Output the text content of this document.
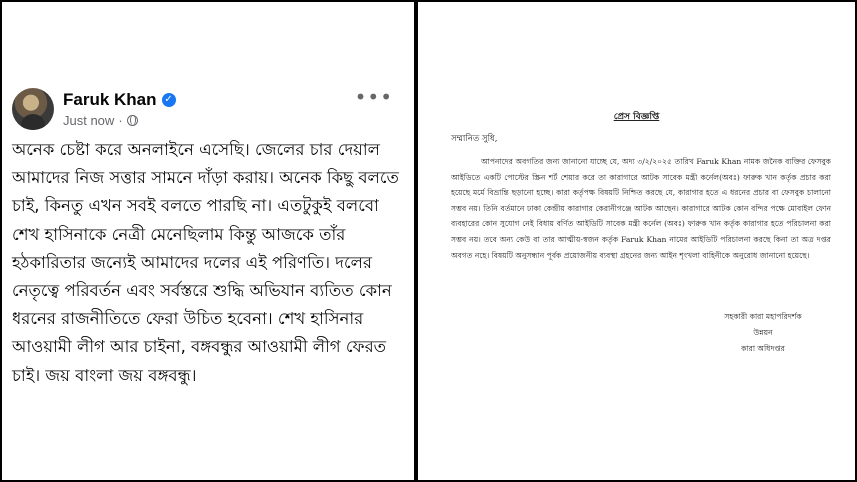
Faruk Khan ✓
Just now ·
•••

অনেক চেষ্টা করে অনলাইনে এসেছি। জেলের চার দেয়াল আমাদের নিজ সত্তার সামনে দাঁড়া করায়। অনেক কিছু বলতে চাই, কিনতু এখন সবই বলতে পারছি না। এতটুকুই বলবো শেখ হাসিনাকে নেত্রী মেনেছিলাম কিন্তু আজকে তাঁর হঠকারিতার জন্যেই আমাদের দলের এই পরিণতি। দলের নেতৃত্বে পরিবর্তন এবং সর্বস্তরে শুদ্ধি অভিযান ব্যতিত কোন ধরনের রাজনীতিতে ফেরা উচিত হবেনা। শেখ হাসিনার আওয়ামী লীগ আর চাইনা, বঙ্গবন্ধুর আওয়ামী লীগ ফেরত চাই। জয় বাংলা জয় বঙ্গবন্ধু।

প্রেস বিজ্ঞপ্তি
সম্মানিত সুধি,

আপনাদের অবগতির জন্য জানানো যাচ্ছে যে, অদ্য ৩/২/২০২৫ তারিখ Faruk Khan নামক জনৈক ব্যক্তির ফেসবুক আইডিতে একটি পোস্টের স্ক্রিন শর্ট শেয়ার করে তা কারাগারে আটক সাবেক মন্ত্রী কর্নেল(অবঃ) ফারুক খান কর্তৃক প্রচার করা হয়েছে মর্মে বিভ্রান্তি ছড়ানো হচ্ছে। কারা কর্তৃপক্ষ বিষয়টি নিশ্চিত করছে যে, কারাগার হতে এ ধরনের প্রচার বা ফেসবুক চালানো সম্ভব নয়। তিনি বর্তমানে ঢাকা কেন্দ্রীয় কারাগার কেরানীগঞ্জে আটক আছেন। কারাগারে আটক কোন বন্দির পক্ষে মোবাইল ফোন ব্যবহারের কোন সুযোগ নেই বিধায় বর্ণিত আইডিটি সাবেক মন্ত্রী কর্নেল (অবঃ) ফারুক খান কর্তৃক কারাগার হতে পরিচালনা করা সম্ভব নয়। তবে অন্য কেউ বা তার আত্মীয়-স্বজন কর্তৃক Faruk Khan নামের আইডিটি পরিচালনা করছে কিনা তা অত্র দপ্তর অবগত নহে। বিষয়টি অনুসন্ধান পূর্বক প্রয়োজনীয় ব্যবস্থা গ্রহনের জন্য আইন শৃংখলা বাহিনীকে অনুরোধ জানানো হয়েছে।

সহকারী কারা মহাপরিদর্শক
উন্নয়ন
কারা অধিদপ্তর
